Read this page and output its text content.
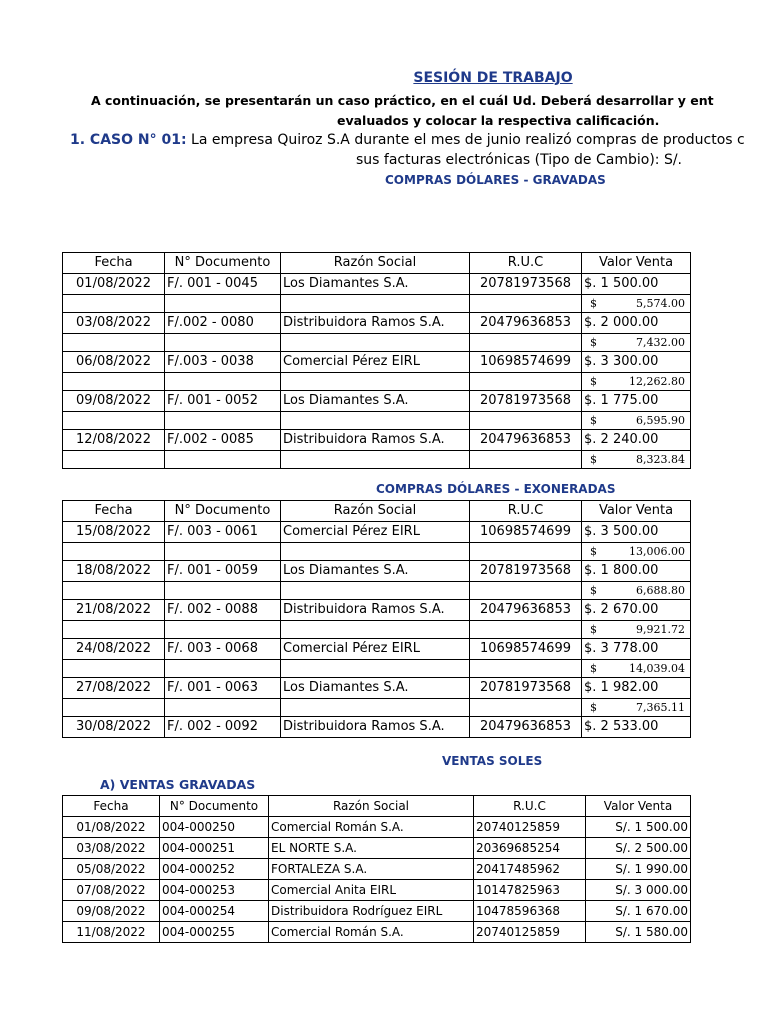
SESIÓN DE TRABAJO
A continuación, se presentarán un caso práctico, en el cuál Ud. Deberá desarrollar y ent
evaluados y colocar la respectiva calificación.
1. CASO N° 01: La empresa Quiroz S.A durante el mes de junio realizó compras de productos c
sus facturas electrónicas (Tipo de Cambio): S/.
COMPRAS DÓLARES - GRAVADAS
Fecha	N° Documento	Razón Social	R.U.C	Valor Venta
01/08/2022	F/. 001 - 0045	Los Diamantes S.A.	20781973568	$. 1 500.00

				$ 5,574.00

03/08/2022	F/.002 - 0080	Distribuidora Ramos S.A.	20479636853	$. 2 000.00

				$ 7,432.00

06/08/2022	F/.003 - 0038	Comercial Pérez EIRL	10698574699	$. 3 300.00

				$ 12,262.80

09/08/2022	F/. 001 - 0052	Los Diamantes S.A.	20781973568	$. 1 775.00

				$ 6,595.90

12/08/2022	F/.002 - 0085	Distribuidora Ramos S.A.	20479636853	$. 2 240.00

				$ 8,323.84
COMPRAS DÓLARES - EXONERADAS
Fecha	N° Documento	Razón Social	R.U.C	Valor Venta
15/08/2022	F/. 003 - 0061	Comercial Pérez EIRL	10698574699	$. 3 500.00

				$ 13,006.00

18/08/2022	F/. 001 - 0059	Los Diamantes S.A.	20781973568	$. 1 800.00

				$ 6,688.80

21/08/2022	F/. 002 - 0088	Distribuidora Ramos S.A.	20479636853	$. 2 670.00

				$ 9,921.72

24/08/2022	F/. 003 - 0068	Comercial Pérez EIRL	10698574699	$. 3 778.00

				$ 14,039.04

27/08/2022	F/. 001 - 0063	Los Diamantes S.A.	20781973568	$. 1 982.00

				$ 7,365.11

30/08/2022	F/. 002 - 0092	Distribuidora Ramos S.A.	20479636853	$. 2 533.00
VENTAS SOLES
A) VENTAS GRAVADAS
Fecha	N° Documento	Razón Social	R.U.C	Valor Venta
01/08/2022	004-000250	Comercial Román S.A.	20740125859	S/. 1 500.00
03/08/2022	004-000251	EL NORTE S.A.	20369685254	S/. 2 500.00
05/08/2022	004-000252	FORTALEZA S.A.	20417485962	S/. 1 990.00
07/08/2022	004-000253	Comercial Anita EIRL	10147825963	S/. 3 000.00
09/08/2022	004-000254	Distribuidora Rodríguez EIRL	10478596368	S/. 1 670.00
11/08/2022	004-000255	Comercial Román S.A.	20740125859	S/. 1 580.00
